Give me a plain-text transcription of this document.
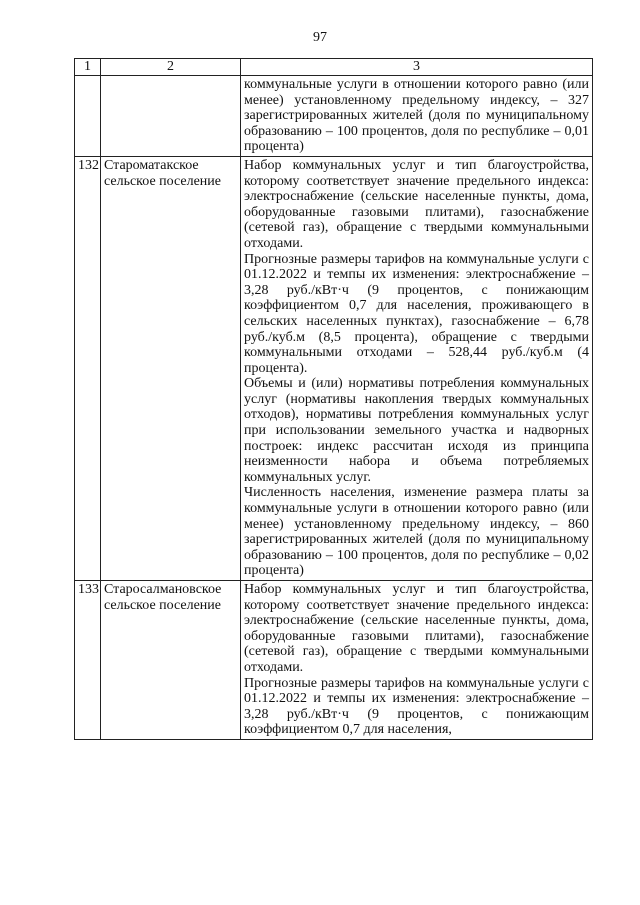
97
1	2	3

		коммунальные услуги в отношении которого равно (или менее) установленному предельному индексу, – 327 зарегистрированных жителей (доля по муниципальному образованию – 100 процентов, доля по республике – 0,01 процента)

132	Староматакское сельское поселение	Набор коммунальных услуг и тип благоустройства, которому соответствует значение предельного индекса: электроснабжение (сельские населенные пункты, дома, оборудованные газовыми плитами), газоснабжение (сетевой газ), обращение с твердыми коммунальными отходами.

Прогнозные размеры тарифов на коммунальные услуги с 01.12.2022 и темпы их изменения: электроснабжение – 3,28 руб./кВт·ч (9 процентов, с понижающим коэффициентом 0,7 для населения, проживающего в сельских населенных пунктах), газоснабжение – 6,78 руб./куб.м (8,5 процента), обращение с твердыми коммунальными отходами – 528,44 руб./куб.м (4 процента).

Объемы и (или) нормативы потребления коммунальных услуг (нормативы накопления твердых коммунальных отходов), нормативы потребления коммунальных услуг при использовании земельного участка и надворных построек: индекс рассчитан исходя из принципа неизменности набора и объема потребляемых коммунальных услуг.

Численность населения, изменение размера платы за коммунальные услуги в отношении которого равно (или менее) установленному предельному индексу, – 860 зарегистрированных жителей (доля по муниципальному образованию – 100 процентов, доля по республике – 0,02 процента)

133	Старосалмановское сельское поселение	Набор коммунальных услуг и тип благоустройства, которому соответствует значение предельного индекса: электроснабжение (сельские населенные пункты, дома, оборудованные газовыми плитами), газоснабжение (сетевой газ), обращение с твердыми коммунальными отходами.

Прогнозные размеры тарифов на коммунальные услуги с 01.12.2022 и темпы их изменения: электроснабжение – 3,28 руб./кВт·ч (9 процентов, с понижающим коэффициентом 0,7 для населения,
